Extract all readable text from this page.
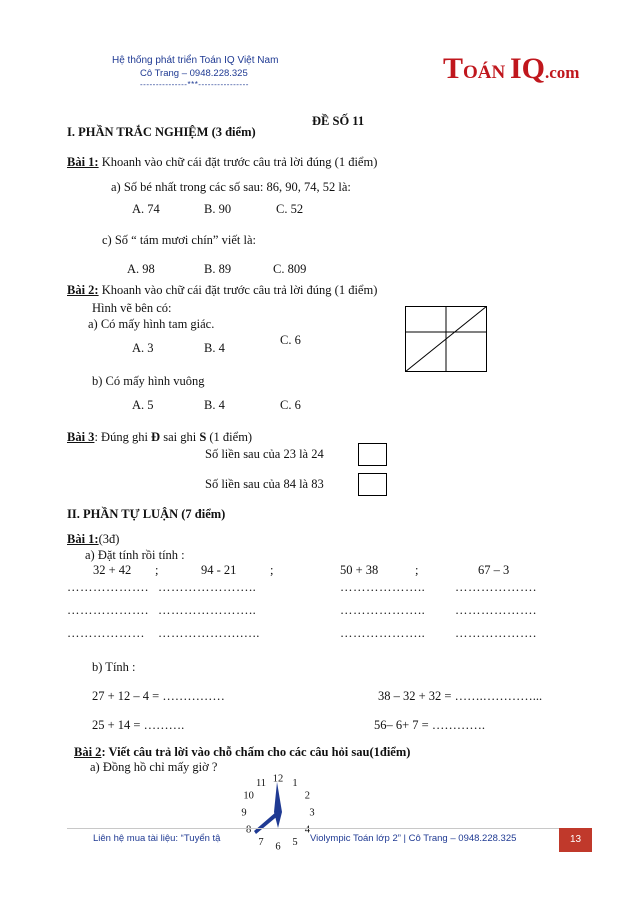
Hệ thống phát triển Toán IQ Việt Nam
Cô Trang – 0948.228.325
---------------***----------------	TOÁN IQ.com
ĐỀ SỐ 11
I. PHẦN TRẮC NGHIỆM (3 điểm)
Bài 1: Khoanh vào chữ cái đặt trước câu trả lời đúng (1 điểm)
a) Số bé nhất trong các số sau: 86, 90, 74, 52 là:
A. 74	B. 90	C. 52
c) Số “ tám mươi chín” viết là:
A. 98	B. 89	C. 809
Bài 2: Khoanh vào chữ cái đặt trước câu trả lời đúng (1 điểm)
Hình vẽ bên có:
a) Có mấy hình tam giác.
A. 3	B. 4
C. 6
b) Có mấy hình vuông
A. 5	B. 4	C. 6
Bài 3: Đúng ghi Đ sai ghi S (1 điểm)
Số liền sau của 23 là 24
Số liền sau của 84 là 83
II. PHẦN TỰ LUẬN (7 điểm)
Bài 1:(3đ)
a) Đặt tính rồi tính :
32 + 42 ;	94 - 21	;	50 + 38	;	67 – 3
………………. …………………..	……………….. ……………….
………………. …………………..	……………….. ……………….
……………… ……………….…..	……………….. ……………….
b) Tính :
27 + 12 – 4 = ……………	38 – 32 + 32 = …….…………...
25 + 14 = ……….	56– 6+ 7 = ………….
Bài 2: Viết câu trả lời vào chỗ chấm cho các câu hỏi sau(1điểm)
a) Đồng hồ chỉ mấy giờ ?
12 1
2
3
4
5
6
7
8
9
10
11
Liên hệ mua tài liệu: “Tuyển tậ	Violympic Toán lớp 2” | Cô Trang – 0948.228.325	13
